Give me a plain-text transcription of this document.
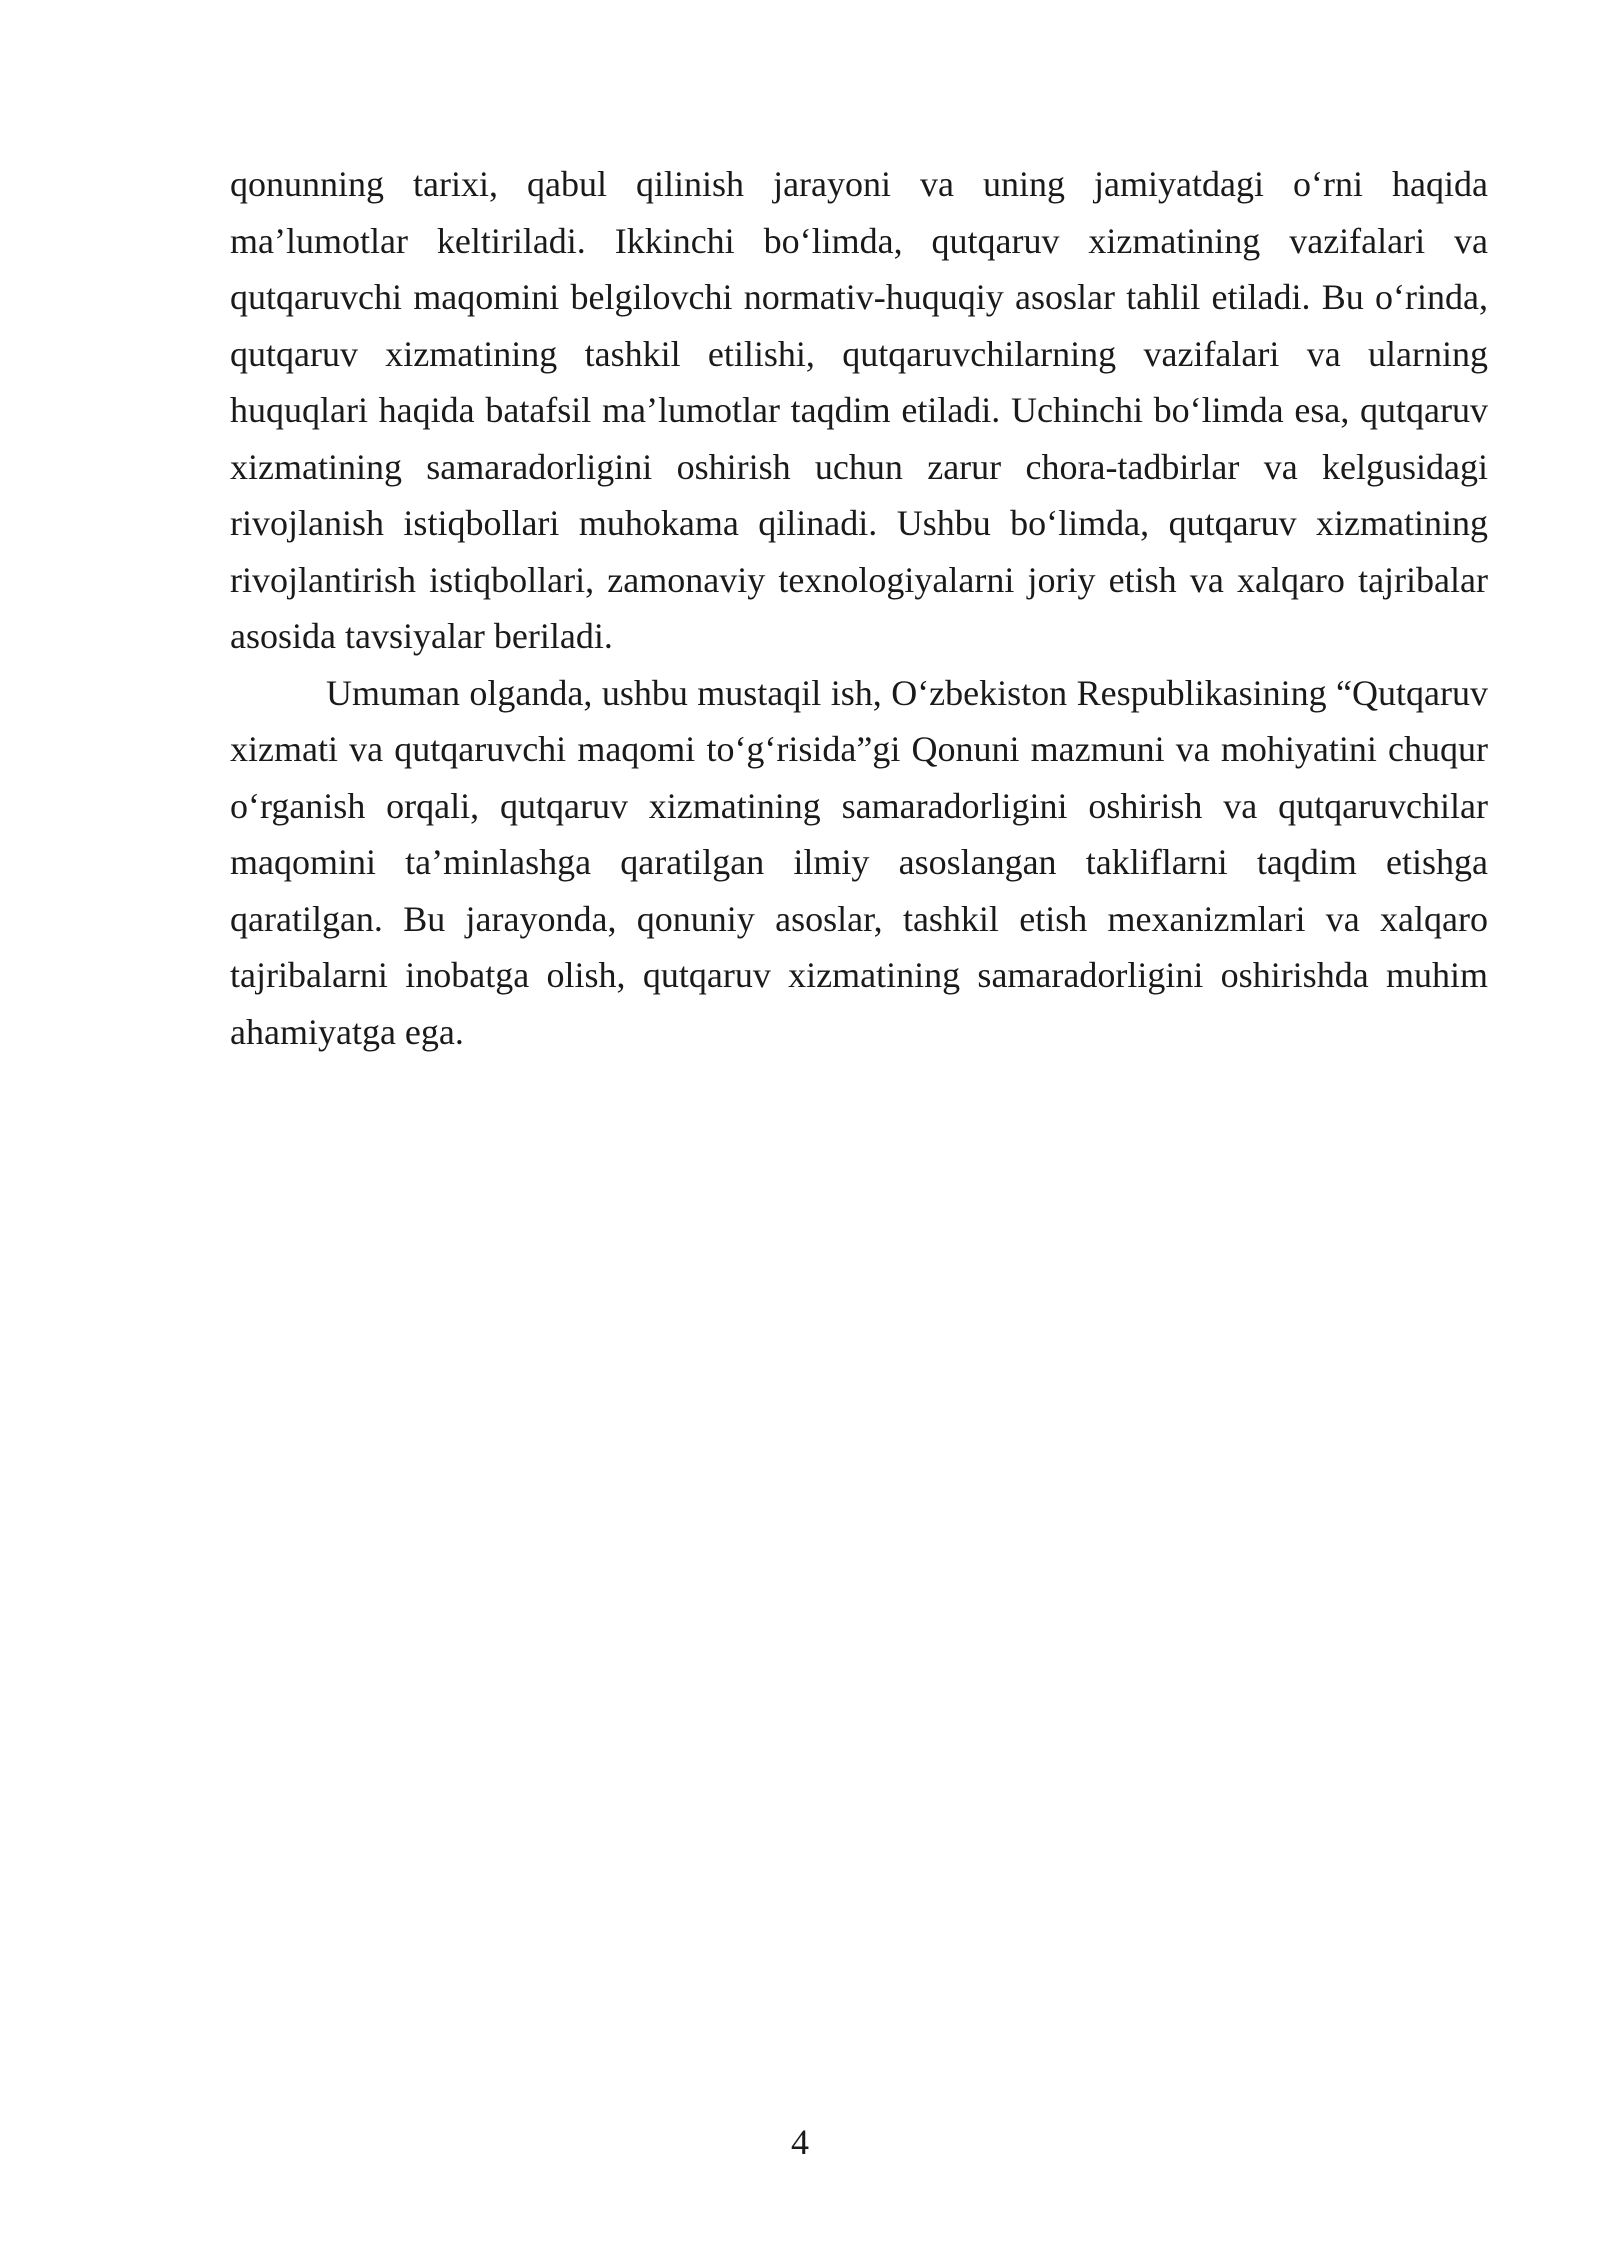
qonunning tarixi, qabul qilinish jarayoni va uning jamiyatdagi o‘rni haqida ma’lumotlar keltiriladi. Ikkinchi bo‘limda, qutqaruv xizmatining vazifalari va qutqaruvchi maqomini belgilovchi normativ-huquqiy asoslar tahlil etiladi. Bu o‘rinda, qutqaruv xizmatining tashkil etilishi, qutqaruvchilarning vazifalari va ularning huquqlari haqida batafsil ma’lumotlar taqdim etiladi. Uchinchi bo‘limda esa, qutqaruv xizmatining samaradorligini oshirish uchun zarur chora-tadbirlar va kelgusidagi rivojlanish istiqbollari muhokama qilinadi. Ushbu bo‘limda, qutqaruv xizmatining rivojlantirish istiqbollari, zamonaviy texnologiyalarni joriy etish va xalqaro tajribalar asosida tavsiyalar beriladi.

Umuman olganda, ushbu mustaqil ish, O‘zbekiston Respublikasining “Qutqaruv xizmati va qutqaruvchi maqomi to‘g‘risida”gi Qonuni mazmuni va mohiyatini chuqur o‘rganish orqali, qutqaruv xizmatining samaradorligini oshirish va qutqaruvchilar maqomini ta’minlashga qaratilgan ilmiy asoslangan takliflarni taqdim etishga qaratilgan. Bu jarayonda, qonuniy asoslar, tashkil etish mexanizmlari va xalqaro tajribalarni inobatga olish, qutqaruv xizmatining samaradorligini oshirishda muhim ahamiyatga ega.

4
